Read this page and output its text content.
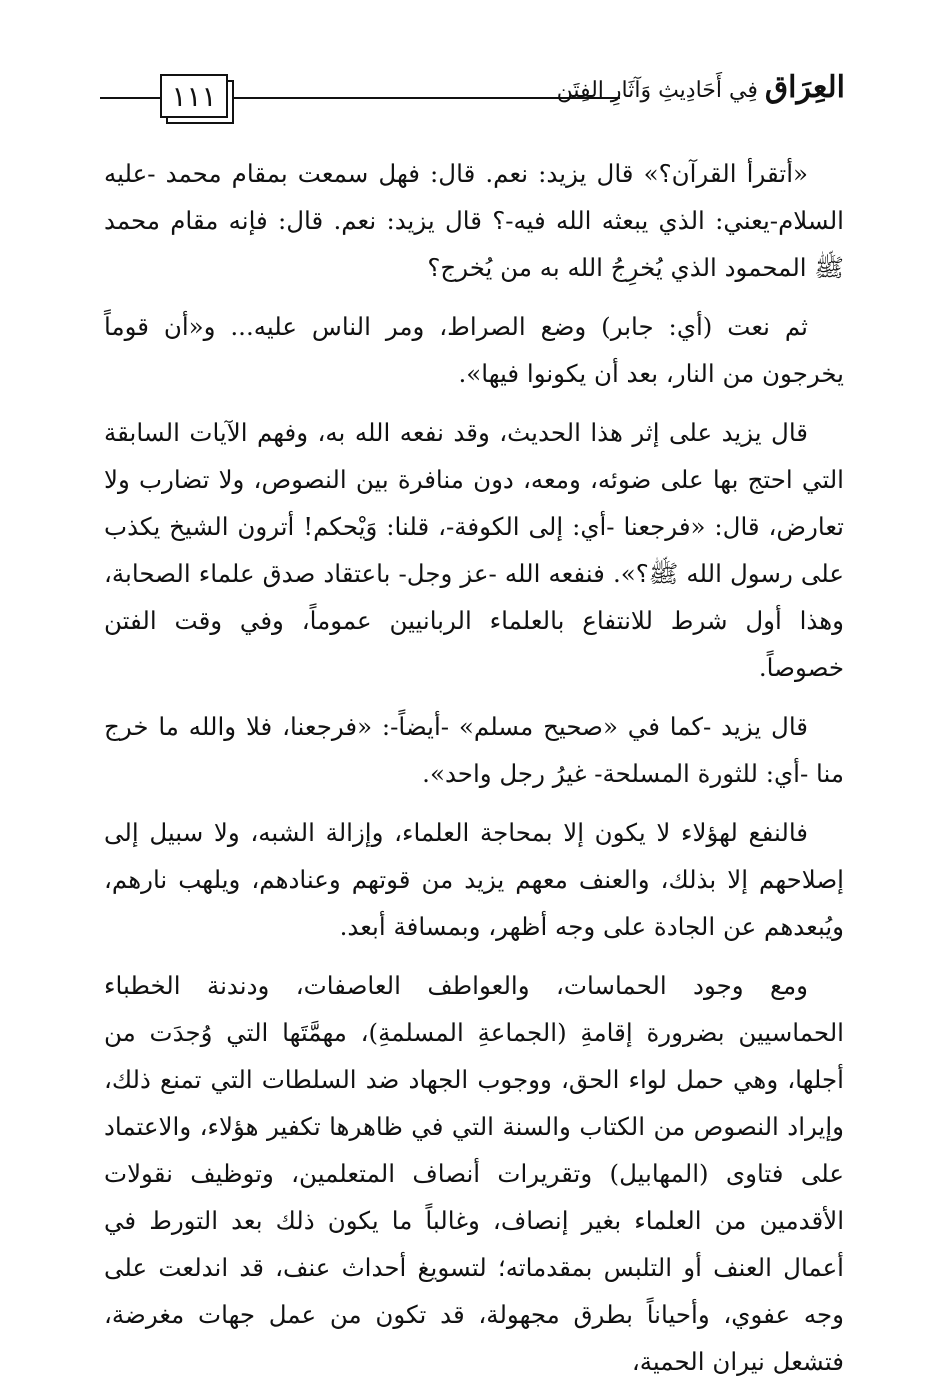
١١١	العِرَاق فِي أَحَادِيثِ وَآثَارِ الفِتَن

«أتقرأ القرآن؟» قال يزيد: نعم. قال: فهل سمعت بمقام محمد -عليه السلام-يعني: الذي يبعثه الله فيه-؟ قال يزيد: نعم. قال: فإنه مقام محمد ﷺ المحمود الذي يُخرِجُ الله به من يُخرج؟

ثم نعت (أي: جابر) وضع الصراط، ومر الناس عليه... و«أن قوماً يخرجون من النار، بعد أن يكونوا فيها».

قال يزيد على إثر هذا الحديث، وقد نفعه الله به، وفهم الآيات السابقة التي احتج بها على ضوئه، ومعه، دون منافرة بين النصوص، ولا تضارب ولا تعارض، قال: «فرجعنا -أي: إلى الكوفة-، قلنا: وَيْحكم! أترون الشيخ يكذب على رسول الله ﷺ؟». فنفعه الله -عز وجل- باعتقاد صدق علماء الصحابة، وهذا أول شرط للانتفاع بالعلماء الربانيين عموماً، وفي وقت الفتن خصوصاً.

قال يزيد -كما في «صحيح مسلم» -أيضاً-: «فرجعنا، فلا والله ما خرج منا -أي: للثورة المسلحة- غيرُ رجل واحد».

فالنفع لهؤلاء لا يكون إلا بمحاجة العلماء، وإزالة الشبه، ولا سبيل إلى إصلاحهم إلا بذلك، والعنف معهم يزيد من قوتهم وعنادهم، ويلهب نارهم، ويُبعدهم عن الجادة على وجه أظهر، وبمسافة أبعد.

ومع وجود الحماسات، والعواطف العاصفات، ودندنة الخطباء الحماسيين بضرورة إقامةِ (الجماعةِ المسلمةِ)، مهمَّتَها التي وُجدَت من أجلها، وهي حمل لواء الحق، ووجوب الجهاد ضد السلطات التي تمنع ذلك، وإيراد النصوص من الكتاب والسنة التي في ظاهرها تكفير هؤلاء، والاعتماد على فتاوى (المهابيل) وتقريرات أنصاف المتعلمين، وتوظيف نقولات الأقدمين من العلماء بغير إنصاف، وغالباً ما يكون ذلك بعد التورط في أعمال العنف أو التلبس بمقدماته؛ لتسويغ أحداث عنف، قد اندلعت على وجه عفوي، وأحياناً بطرق مجهولة، قد تكون من عمل جهات مغرضة، فتشعل نيران الحمية،
